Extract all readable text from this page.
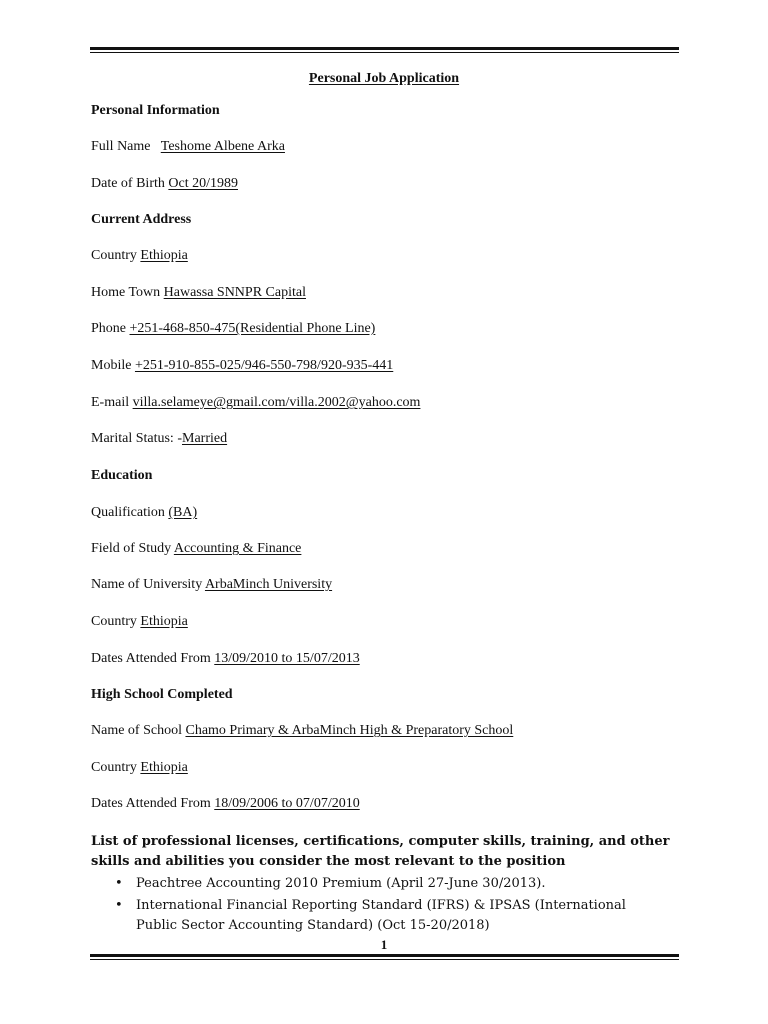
Personal Job Application
Personal Information
Full Name Teshome Albene Arka
Date of Birth Oct 20/1989
Current Address
Country Ethiopia
Home Town Hawassa SNNPR Capital
Phone +251-468-850-475(Residential Phone Line)
Mobile +251-910-855-025/946-550-798/920-935-441
E-mail villa.selameye@gmail.com/villa.2002@yahoo.com
Marital Status: -Married
Education
Qualification (BA)
Field of Study Accounting & Finance
Name of University ArbaMinch University
Country Ethiopia
Dates Attended From 13/09/2010 to 15/07/2013
High School Completed
Name of School Chamo Primary & ArbaMinch High & Preparatory School
Country Ethiopia
Dates Attended From 18/09/2006 to 07/07/2010
List of professional licenses, certifications, computer skills, training, and other skills and abilities you consider the most relevant to the position
• Peachtree Accounting 2010 Premium (April 27-June 30/2013).
• International Financial Reporting Standard (IFRS) & IPSAS (International Public Sector Accounting Standard) (Oct 15-20/2018)
1
